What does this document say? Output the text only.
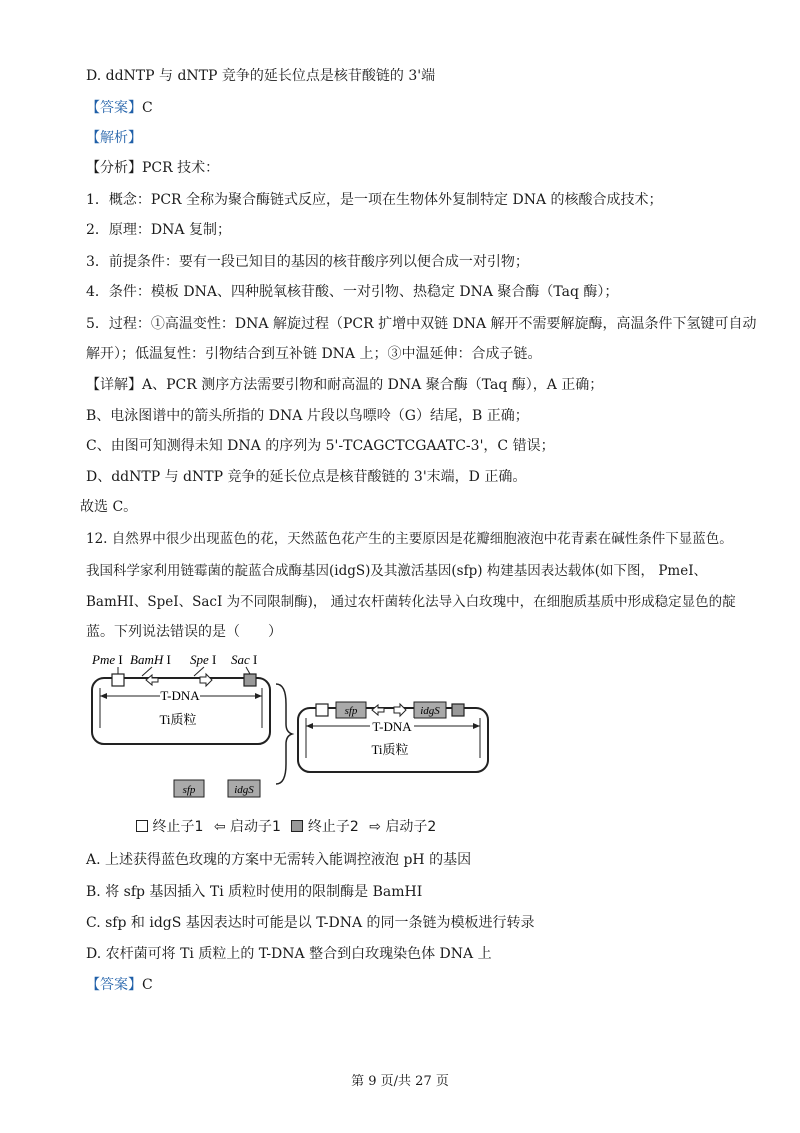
D. ddNTP 与 dNTP 竞争的延长位点是核苷酸链的 3'端
【答案】C
【解析】
【分析】PCR 技术：
1．概念：PCR 全称为聚合酶链式反应，是一项在生物体外复制特定 DNA 的核酸合成技术；
2．原理：DNA 复制；
3．前提条件：要有一段已知目的基因的核苷酸序列以便合成一对引物；
4．条件：模板 DNA、四种脱氧核苷酸、一对引物、热稳定 DNA 聚合酶（Taq 酶）；
5．过程：①高温变性：DNA 解旋过程（PCR 扩增中双链 DNA 解开不需要解旋酶，高温条件下氢键可自动
解开）；低温复性：引物结合到互补链 DNA 上；③中温延伸：合成子链。
【详解】A、PCR 测序方法需要引物和耐高温的 DNA 聚合酶（Taq 酶），A 正确；
B、电泳图谱中的箭头所指的 DNA 片段以鸟嘌呤（G）结尾，B 正确；
C、由图可知测得未知 DNA 的序列为 5'-TCAGCTCGAATC-3'，C 错误；
D、ddNTP 与 dNTP 竞争的延长位点是核苷酸链的 3'末端，D 正确。
故选 C。
12. 自然界中很少出现蓝色的花，天然蓝色花产生的主要原因是花瓣细胞液泡中花青素在碱性条件下显蓝色。
我国科学家利用链霉菌的靛蓝合成酶基因(idgS)及其激活基因(sfp) 构建基因表达载体(如下图， PmeI、
BamHI、SpeI、SacI 为不同限制酶)， 通过农杆菌转化法导入白玫瑰中，在细胞质基质中形成稳定显色的靛
蓝。下列说法错误的是（　　）
T-DNA
Ti质粒
Pme I BamH I Spe I Sac I
sfp	idgS
T-DNA
Ti质粒
sfp	idgS
终止子1 ⇦ 启动子1 终止子2 ⇨ 启动子2
A. 上述获得蓝色玫瑰的方案中无需转入能调控液泡 pH 的基因
B. 将 sfp 基因插入 Ti 质粒时使用的限制酶是 BamHI
C. sfp 和 idgS 基因表达时可能是以 T-DNA 的同一条链为模板进行转录
D. 农杆菌可将 Ti 质粒上的 T-DNA 整合到白玫瑰染色体 DNA 上
【答案】C
第 9 页/共 27 页
